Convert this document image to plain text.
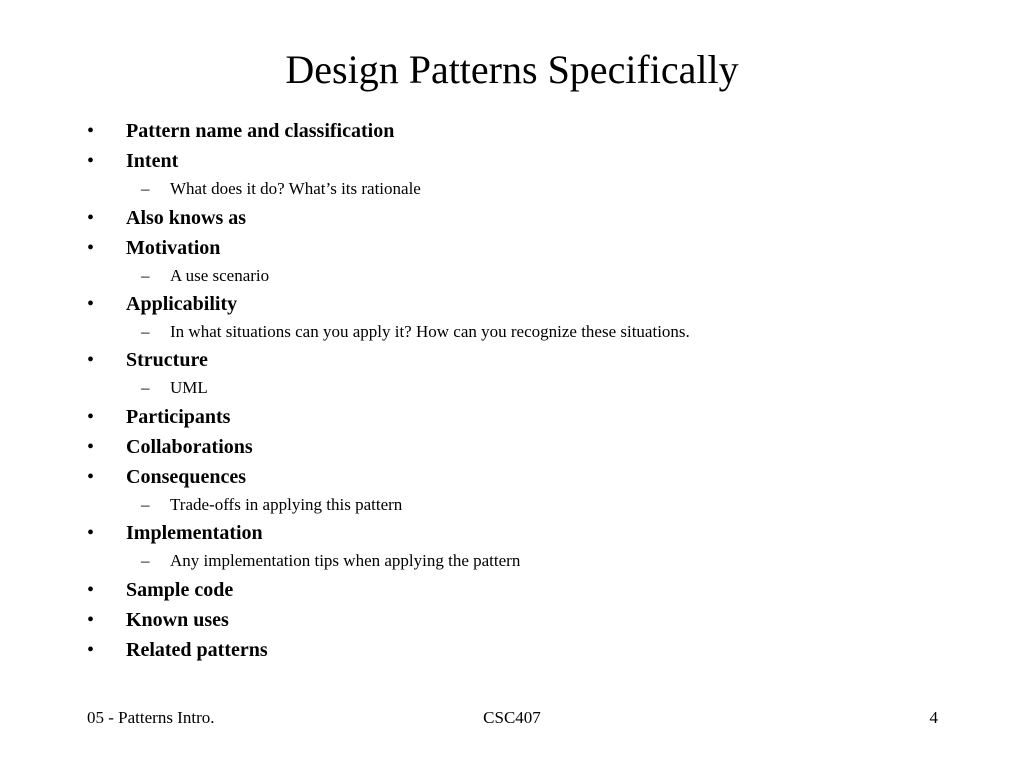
Design Patterns Specifically
• Pattern name and classification
• Intent
– What does it do? What’s its rationale
• Also knows as
• Motivation
– A use scenario
• Applicability
– In what situations can you apply it? How can you recognize these situations.
• Structure
– UML
• Participants
• Collaborations
• Consequences
– Trade-offs in applying this pattern
• Implementation
– Any implementation tips when applying the pattern
• Sample code
• Known uses
• Related patterns
05 - Patterns Intro.	CSC407	4
